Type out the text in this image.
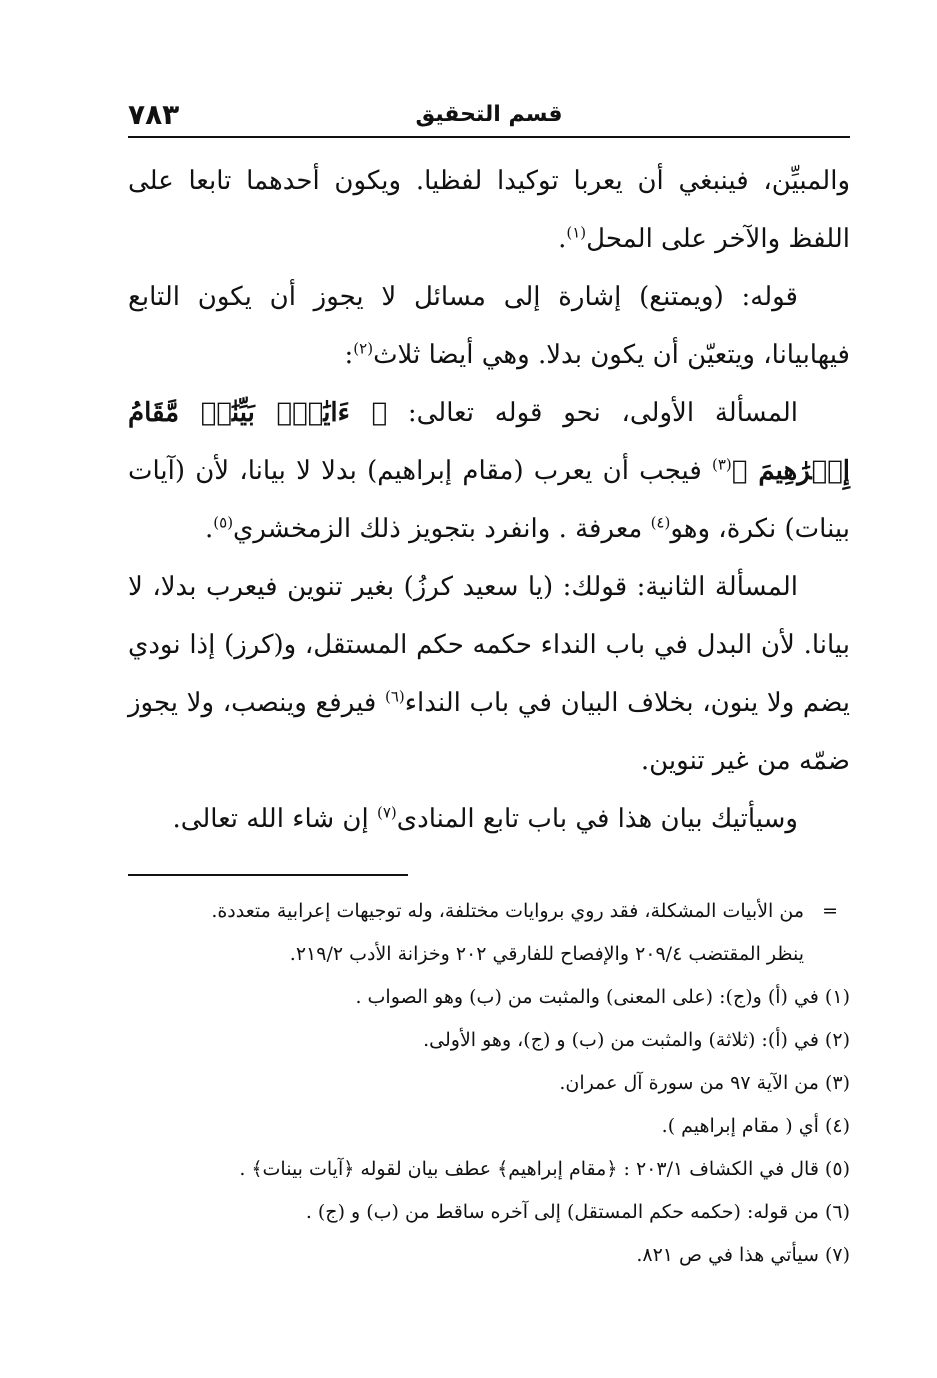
قسم التحقيق
٧٨٣

والمبيِّن، فينبغي أن يعربا توكيدا لفظيا. ويكون أحدهما تابعا على اللفظ والآخر على المحل$^{(١)}$.

قوله: (ويمتنع) إشارة إلى مسائل لا يجوز أن يكون التابع فيهابيانا، ويتعيّن أن يكون بدلا. وهي أيضا ثلاث$^{(٢)}$:

المسألة الأولى، نحو قوله تعالى: ﴿ ءَايَٰتُۢ بَيِّنَٰتٞ مَّقَامُ إِبۡرَٰهِيمَ ﴾$^{(٣)}$ فيجب أن يعرب (مقام إبراهيم) بدلا لا بيانا، لأن (آيات بينات) نكرة، وهو$^{(٤)}$ معرفة . وانفرد بتجويز ذلك الزمخشري$^{(٥)}$.

المسألة الثانية: قولك: (يا سعيد كرزُ) بغير تنوين فيعرب بدلا، لا بيانا. لأن البدل في باب النداء حكمه حكم المستقل، و(كرز) إذا نودي يضم ولا ينون، بخلاف البيان في باب النداء$^{(٦)}$ فيرفع وينصب، ولا يجوز ضمّه من غير تنوين.

وسيأتيك بيان هذا في باب تابع المنادى$^{(٧)}$ إن شاء الله تعالى.

=
من الأبيات المشكلة، فقد روي بروايات مختلفة، وله توجيهات إعرابية متعددة.
ينظر المقتضب ٢٠٩/٤ والإفصاح للفارقي ٢٠٢ وخزانة الأدب ٢١٩/٢.
(١) في (أ) و(ج): (على المعنى) والمثبت من (ب) وهو الصواب .
(٢) في (أ): (ثلاثة) والمثبت من (ب) و (ج)، وهو الأولى.
(٣) من الآية ٩٧ من سورة آل عمران.
(٤) أي ( مقام إبراهيم ).
(٥) قال في الكشاف ٢٠٣/١ : ﴿مقام إبراهيم﴾ عطف بيان لقوله ﴿آيات بينات﴾ .
(٦) من قوله: (حكمه حكم المستقل) إلى آخره ساقط من (ب) و (ج) .
(٧) سيأتي هذا في ص ٨٢١.
